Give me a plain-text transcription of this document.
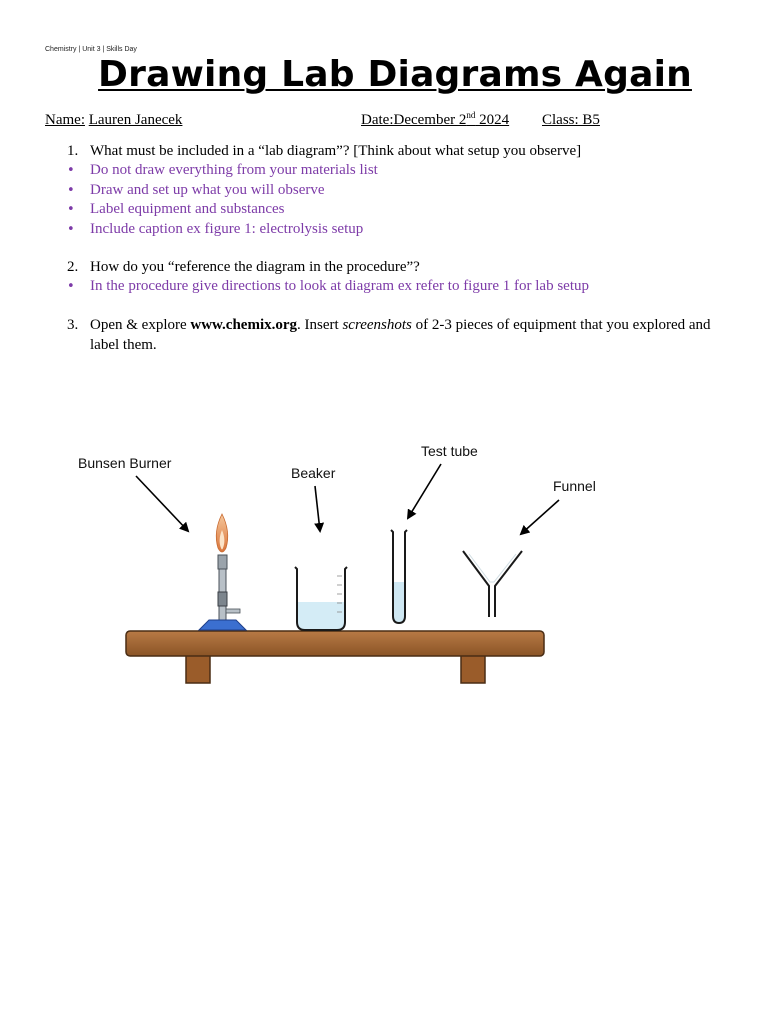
Chemistry | Unit 3 | Skills Day
Drawing Lab Diagrams Again
Name: Lauren Janecek	Date:December 2nd 2024 Class: B5
1. What must be included in a “lab diagram”? [Think about what setup you observe]
• Do not draw everything from your materials list
• Draw and set up what you will observe
• Label equipment and substances
• Include caption ex figure 1: electrolysis setup
2. How do you “reference the diagram in the procedure”?
• In the procedure give directions to look at diagram ex refer to figure 1 for lab setup
3. Open & explore www.chemix.org. Insert screenshots of 2-3 pieces of equipment that you explored and label them.
Bunsen Burner
Beaker
Test tube
Funnel
